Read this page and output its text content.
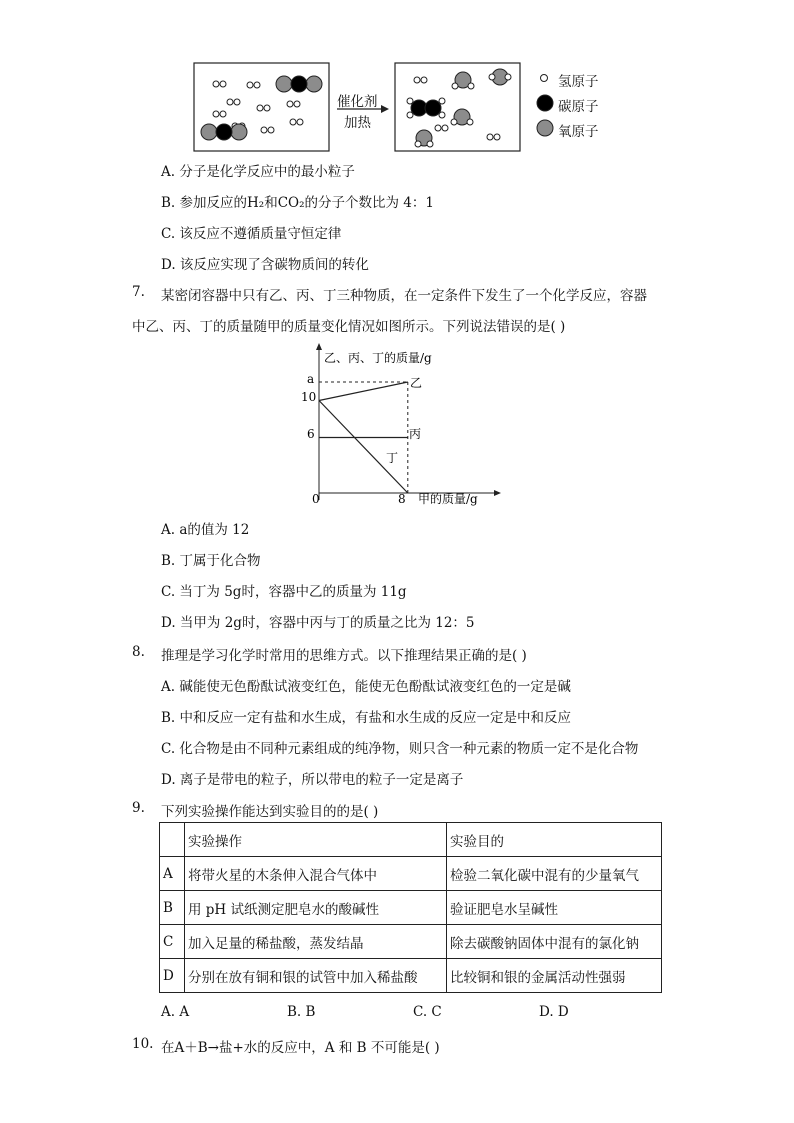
催化剂
加热
氢原子
碳原子
氧原子
A. 分子是化学反应中的最小粒子
B. 参加反应的H₂和CO₂的分子个数比为 4：1
C. 该反应不遵循质量守恒定律
D. 该反应实现了含碳物质间的转化
7. 某密闭容器中只有乙、丙、丁三种物质，在一定条件下发生了一个化学反应，容器
中乙、丙、丁的质量随甲的质量变化情况如图所示。下列说法错误的是( )
乙、丙、丁的质量/g
甲的质量/g
0	8
6
10
a	乙
丙
丁
A. a的值为 12
B. 丁属于化合物
C. 当丁为 5g时，容器中乙的质量为 11g
D. 当甲为 2g时，容器中丙与丁的质量之比为 12：5
8. 推理是学习化学时常用的思维方式。以下推理结果正确的是( )
A. 碱能使无色酚酞试液变红色，能使无色酚酞试液变红色的一定是碱
B. 中和反应一定有盐和水生成，有盐和水生成的反应一定是中和反应
C. 化合物是由不同种元素组成的纯净物，则只含一种元素的物质一定不是化合物
D. 离子是带电的粒子，所以带电的粒子一定是离子
9. 下列实验操作能达到实验目的的是( )
	实验操作	实验目的
A	将带火星的木条伸入混合气体中	检验二氧化碳中混有的少量氧气
B	用 pH 试纸测定肥皂水的酸碱性	验证肥皂水呈碱性
C	加入足量的稀盐酸，蒸发结晶	除去碳酸钠固体中混有的氯化钠
D	分别在放有铜和银的试管中加入稀盐酸	比较铜和银的金属活动性强弱
A. A	B. B	C. C	D. D
10. 在A＋B→盐+水的反应中，A 和 B 不可能是( )
